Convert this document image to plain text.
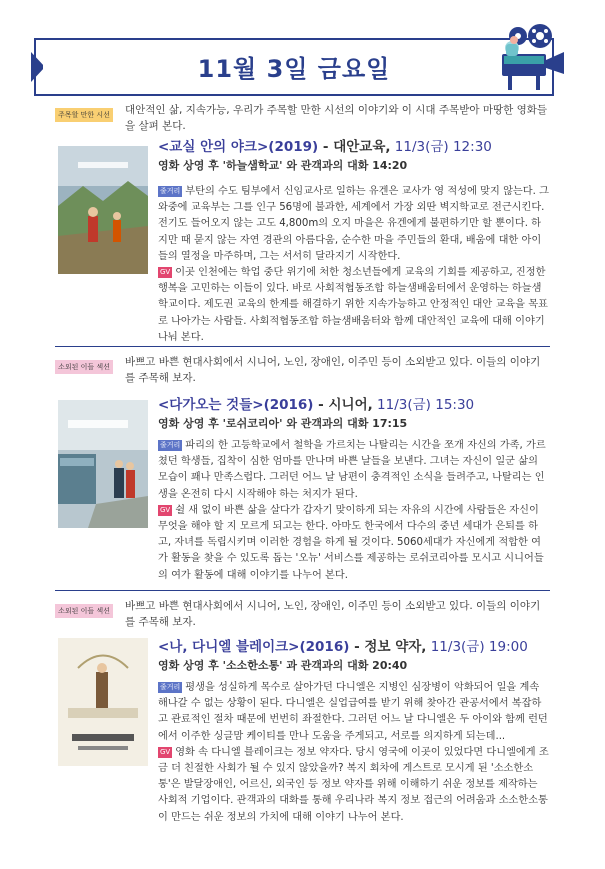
11월 3일 금요일
주목할 만한 시선 대안적인 삶, 지속가능, 우리가 주목할 만한 시선의 이야기와 이 시대 주목받아 마땅한 영화들을 살펴 본다.
<교실 안의 야크>(2019) - 대안교육, 11/3(금) 12:30
영화 상영 후 '하늘샘학교' 와 관객과의 대화 14:20
줄거리 부탄의 수도 팀부에서 신임교사로 일하는 유겐은 교사가 영 적성에 맞지 않는다. 그와중에 교육부는 그를 인구 56명에 불과한, 세계에서 가장 외딴 벽지학교로 전근시킨다. 전기도 들어오지 않는 고도 4,800m의 오지 마을은 유겐에게 불편하기만 할 뿐이다. 하지만 때 묻지 않는 자연 경관의 아름다움, 순수한 마을 주민들의 환대, 배움에 대한 아이들의 열정을 마주하며, 그는 서서히 달라지기 시작한다.
GV 이곳 인천에는 학업 중단 위기에 처한 청소년들에게 교육의 기회를 제공하고, 진정한 행복을 고민하는 이들이 있다. 바로 사회적협동조합 하늘샘배움터에서 운영하는 하늘샘학교이다. 제도권 교육의 한계를 해결하기 위한 지속가능하고 안정적인 대안 교육을 목표로 나아가는 사람들. 사회적협동조합 하늘샘배움터와 함께 대안적인 교육에 대해 이야기 나눠 본다.
소외된 이들 섹션 바쁘고 바쁜 현대사회에서 시니어, 노인, 장애인, 이주민 등이 소외받고 있다. 이들의 이야기를 주목해 보자.
<다가오는 것들>(2016) - 시니어, 11/3(금) 15:30
영화 상영 후 '로쉬코리아' 와 관객과의 대화 17:15
줄거리 파리의 한 고등학교에서 철학을 가르치는 나탈리는 시간을 쪼개 자신의 가족, 가르쳤던 학생들, 집착이 심한 엄마를 만나며 바쁜 날들을 보낸다. 그녀는 자신이 일군 삶의 모습이 꽤나 만족스럽다. 그러던 어느 날 남편이 충격적인 소식을 들려주고, 나탈리는 인생을 온전히 다시 시작해야 하는 처지가 된다.
GV 쉴 새 없이 바쁜 삶을 살다가 갑자기 맞이하게 되는 자유의 시간에 사람들은 자신이 무엇을 해야 할 지 모르게 되고는 한다. 아마도 한국에서 다수의 중년 세대가 은퇴를 하고, 자녀를 독립시키며 이러한 경험을 하게 될 것이다. 5060세대가 자신에게 적합한 여가 활동을 찾을 수 있도록 돕는 '오뉴' 서비스를 제공하는 로쉬코리아를 모시고 시니어들의 여가 활동에 대해 이야기를 나누어 본다.
소외된 이들 섹션 바쁘고 바쁜 현대사회에서 시니어, 노인, 장애인, 이주민 등이 소외받고 있다. 이들의 이야기를 주목해 보자.
<나, 다니엘 블레이크>(2016) - 정보 약자, 11/3(금) 19:00
영화 상영 후 '소소한소통' 과 관객과의 대화 20:40
줄거리 평생을 성실하게 목수로 살아가던 다니엘은 지병인 심장병이 악화되어 일을 계속 해나갈 수 없는 상황이 된다. 다니엘은 실업급여를 받기 위해 찾아간 관공서에서 복잡하고 관료적인 절차 때문에 번번히 좌절한다. 그러던 어느 날 다니엘은 두 아이와 함께 런던에서 이주한 싱글맘 케이티를 만나 도움을 주게되고, 서로를 의지하게 되는데...
GV 영화 속 다니엘 블레이크는 정보 약자다. 당시 영국에 이곳이 있었다면 다니엘에게 조금 더 친절한 사회가 될 수 있지 않았을까? 복지 회차에 게스트로 모시게 된 '소소한소통'은 발달장애인, 어르신, 외국인 등 정보 약자를 위해 이해하기 쉬운 정보를 제작하는 사회적 기업이다. 관객과의 대화를 통해 우리나라 복지 정보 접근의 어려움과 소소한소통이 만드는 쉬운 정보의 가치에 대해 이야기 나누어 본다.
